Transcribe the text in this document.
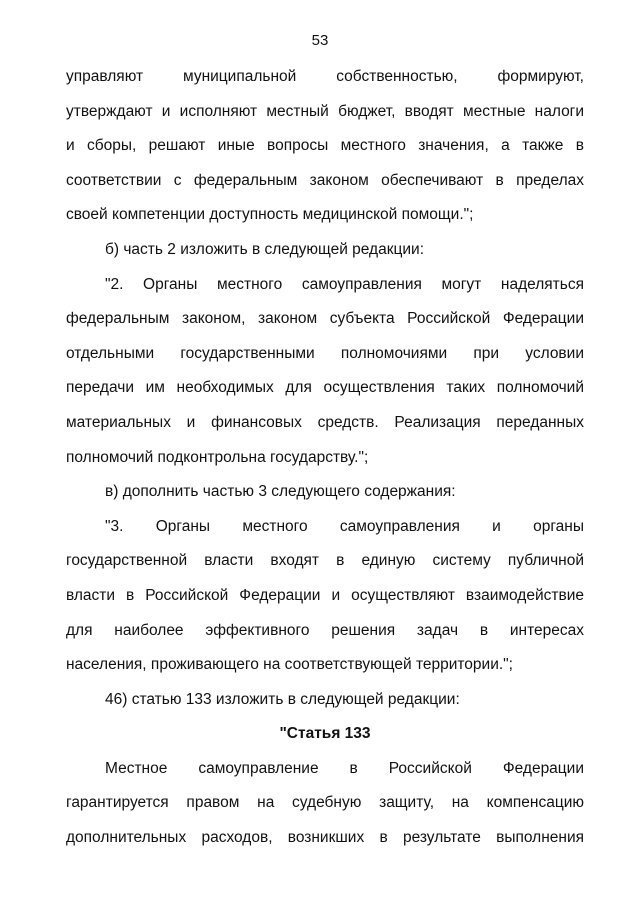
53
управляют муниципальной собственностью, формируют,
утверждают и исполняют местный бюджет, вводят местные налоги
и сборы, решают иные вопросы местного значения, а также в
соответствии с федеральным законом обеспечивают в пределах
своей компетенции доступность медицинской помощи.";
б) часть 2 изложить в следующей редакции:
"2. Органы местного самоуправления могут наделяться
федеральным законом, законом субъекта Российской Федерации
отдельными государственными полномочиями при условии
передачи им необходимых для осуществления таких полномочий
материальных и финансовых средств. Реализация переданных
полномочий подконтрольна государству.";
в) дополнить частью 3 следующего содержания:
"3. Органы местного самоуправления и органы
государственной власти входят в единую систему публичной
власти в Российской Федерации и осуществляют взаимодействие
для наиболее эффективного решения задач в интересах
населения, проживающего на соответствующей территории.";
46) статью 133 изложить в следующей редакции:
"Статья 133
Местное самоуправление в Российской Федерации
гарантируется правом на судебную защиту, на компенсацию
дополнительных расходов, возникших в результате выполнения
